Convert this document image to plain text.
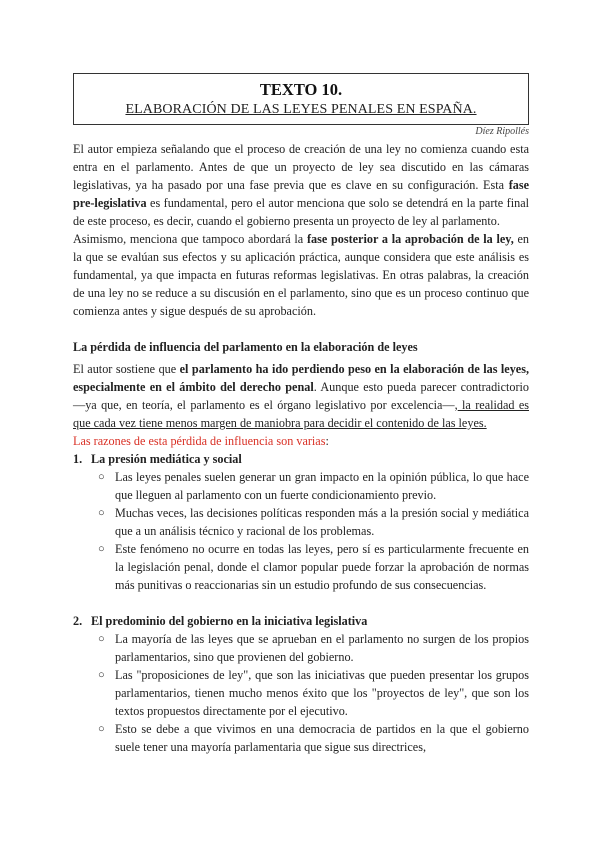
TEXTO 10.
ELABORACIÓN DE LAS LEYES PENALES EN ESPAÑA.
Díez Ripollés

El autor empieza señalando que el proceso de creación de una ley no comienza cuando esta entra en el parlamento. Antes de que un proyecto de ley sea discutido en las cámaras legislativas, ya ha pasado por una fase previa que es clave en su configuración. Esta fase pre-legislativa es fundamental, pero el autor menciona que solo se detendrá en la parte final de este proceso, es decir, cuando el gobierno presenta un proyecto de ley al parlamento.

Asimismo, menciona que tampoco abordará la fase posterior a la aprobación de la ley, en la que se evalúan sus efectos y su aplicación práctica, aunque considera que este análisis es fundamental, ya que impacta en futuras reformas legislativas. En otras palabras, la creación de una ley no se reduce a su discusión en el parlamento, sino que es un proceso continuo que comienza antes y sigue después de su aprobación.

La pérdida de influencia del parlamento en la elaboración de leyes

El autor sostiene que el parlamento ha ido perdiendo peso en la elaboración de las leyes, especialmente en el ámbito del derecho penal. Aunque esto pueda parecer contradictorio —ya que, en teoría, el parlamento es el órgano legislativo por excelencia—, la realidad es que cada vez tiene menos margen de maniobra para decidir el contenido de las leyes.

Las razones de esta pérdida de influencia son varias:

1. La presión mediática y social
○ Las leyes penales suelen generar un gran impacto en la opinión pública, lo que hace que lleguen al parlamento con un fuerte condicionamiento previo.
○ Muchas veces, las decisiones políticas responden más a la presión social y mediática que a un análisis técnico y racional de los problemas.
○ Este fenómeno no ocurre en todas las leyes, pero sí es particularmente frecuente en la legislación penal, donde el clamor popular puede forzar la aprobación de normas más punitivas o reaccionarias sin un estudio profundo de sus consecuencias.
2. El predominio del gobierno en la iniciativa legislativa
○ La mayoría de las leyes que se aprueban en el parlamento no surgen de los propios parlamentarios, sino que provienen del gobierno.
○ Las "proposiciones de ley", que son las iniciativas que pueden presentar los grupos parlamentarios, tienen mucho menos éxito que los "proyectos de ley", que son los textos propuestos directamente por el ejecutivo.
○ Esto se debe a que vivimos en una democracia de partidos en la que el gobierno suele tener una mayoría parlamentaria que sigue sus directrices,
